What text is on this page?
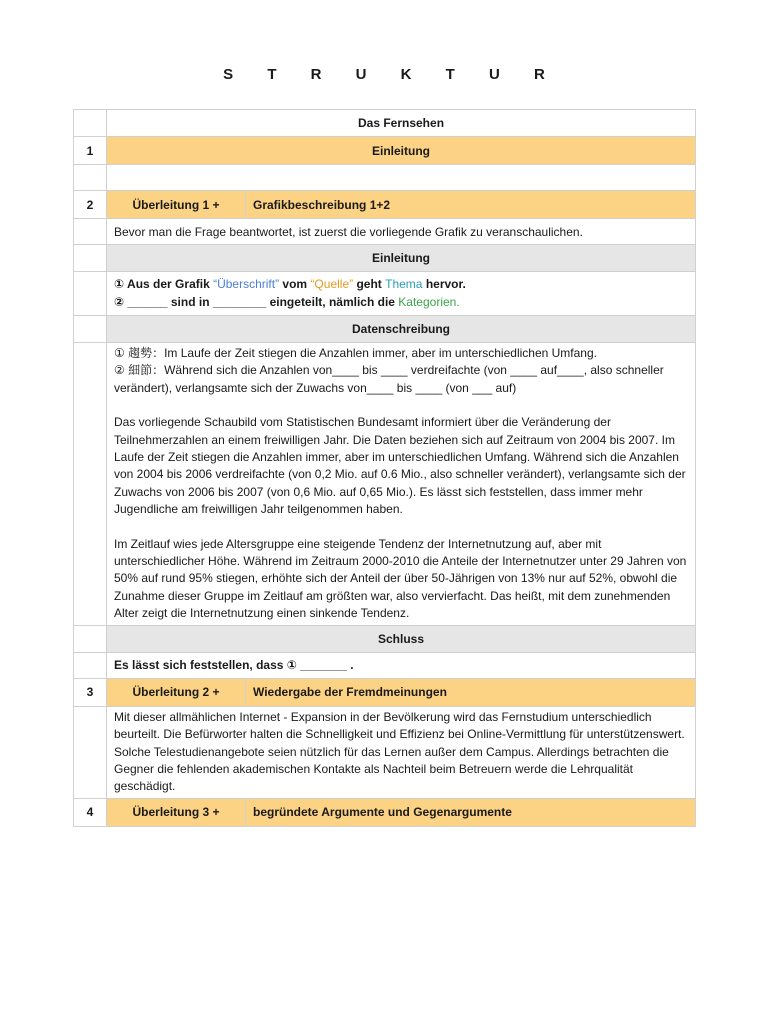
S T R U K T U R
	Das Fernsehen	
1	Einleitung	

2	Überleitung 1 +	Grafikbeschreibung 1+2
	Bevor man die Frage beantwortet, ist zuerst die vorliegende Grafik zu veranschaulichen.	
	Einleitung	

	① Aus der Grafik “Überschrift” vom “Quelle” geht Thema hervor.
② ______ sind in ________ eingeteilt, nämlich die Kategorien.	

	Datenschreibung	

	① 趨勢：Im Laufe der Zeit stiegen die Anzahlen immer, aber im unterschiedlichen Umfang.

② 細節：Während sich die Anzahlen von____ bis ____ verdreifachte (von ____ auf____, also schneller verändert), verlangsamte sich der Zuwachs von____ bis ____ (von ___ auf)

Das vorliegende Schaubild vom Statistischen Bundesamt informiert über die Veränderung der Teilnehmerzahlen an einem freiwilligen Jahr. Die Daten beziehen sich auf Zeitraum von 2004 bis 2007. Im Laufe der Zeit stiegen die Anzahlen immer, aber im unterschiedlichen Umfang. Während sich die Anzahlen von 2004 bis 2006 verdreifachte (von 0,2 Mio. auf 0.6 Mio., also schneller verändert), verlangsamte sich der Zuwachs von 2006 bis 2007 (von 0,6 Mio. auf 0,65 Mio.). Es lässt sich feststellen, dass immer mehr Jugendliche am freiwilligen Jahr teilgenommen haben.

Im Zeitlauf wies jede Altersgruppe eine steigende Tendenz der Internetnutzung auf, aber mit unterschiedlicher Höhe. Während im Zeitraum 2000-2010 die Anteile der Internetnutzer unter 29 Jahren von 50% auf rund 95% stiegen, erhöhte sich der Anteil der über 50-Jährigen von 13% nur auf 52%, obwohl die Zunahme dieser Gruppe im Zeitlauf am größten war, also vervierfacht. Das heißt, mit dem zunehmenden Alter zeigt die Internetnutzung einen sinkende Tendenz.	

	Schluss	
	Es lässt sich feststellen, dass ① _______ .	
3	Überleitung 2 +	Wiedergabe der Fremdmeinungen
	Mit dieser allmählichen Internet - Expansion in der Bevölkerung wird das Fernstudium unterschiedlich beurteilt. Die Befürworter halten die Schnelligkeit und Effizienz bei Online-Vermittlung für unterstützenswert. Solche Telestudienangebote seien nützlich für das Lernen außer dem Campus. Allerdings betrachten die Gegner die fehlenden akademischen Kontakte als Nachteil beim Betreuern werde die Lehrqualität geschädigt.	
4	Überleitung 3 +	begründete Argumente und Gegenargumente
